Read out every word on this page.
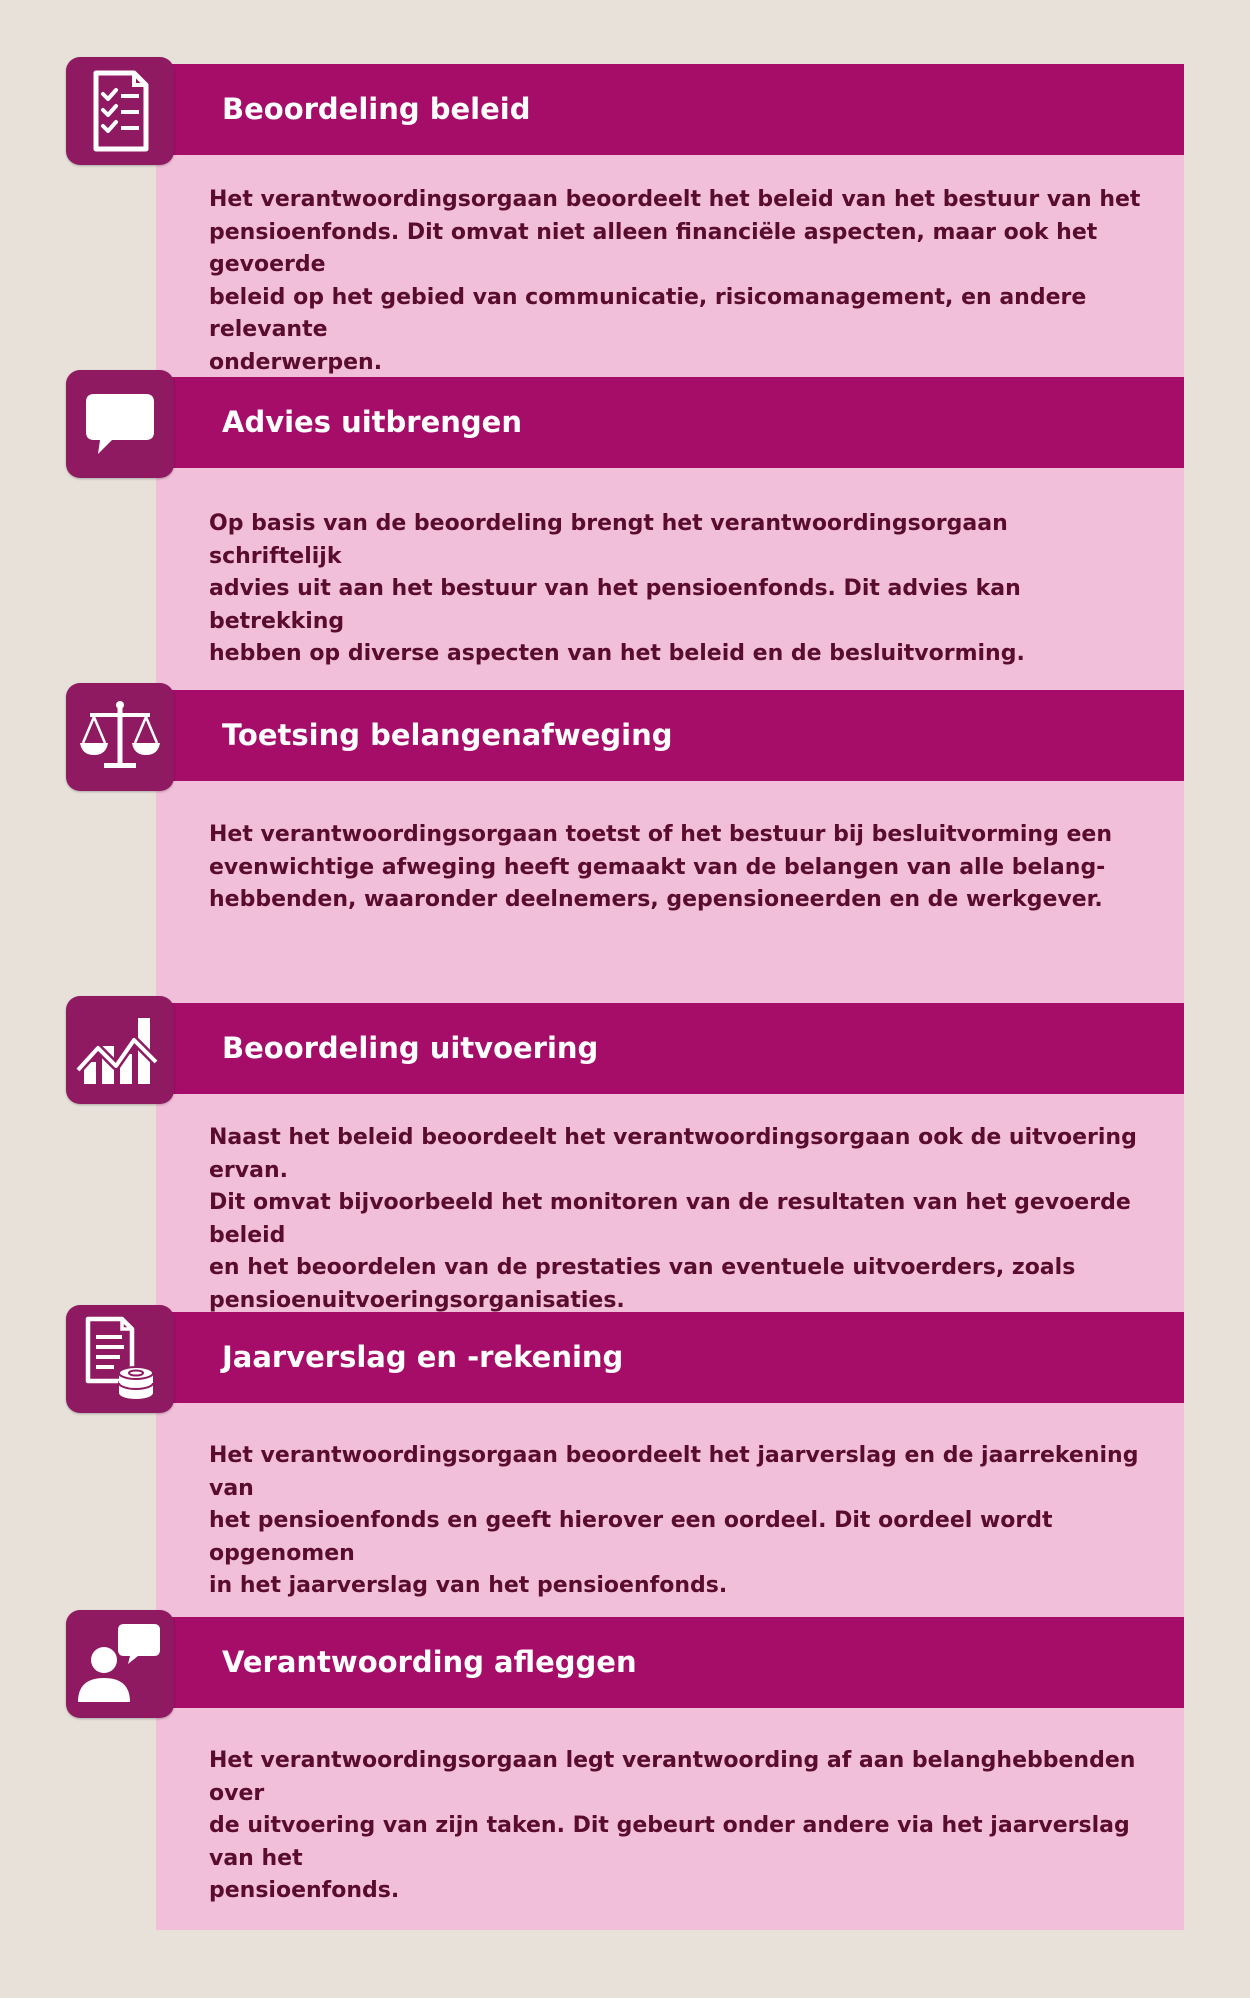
Beoordeling beleid
Het verantwoordingsorgaan beoordeelt het beleid van het bestuur van het
pensioenfonds. Dit omvat niet alleen financiële aspecten, maar ook het gevoerde
beleid op het gebied van communicatie, risicomanagement, en andere relevante
onderwerpen.
Advies uitbrengen
Op basis van de beoordeling brengt het verantwoordingsorgaan schriftelijk
advies uit aan het bestuur van het pensioenfonds. Dit advies kan betrekking
hebben op diverse aspecten van het beleid en de besluitvorming.
Toetsing belangenafweging
Het verantwoordingsorgaan toetst of het bestuur bij besluitvorming een
evenwichtige afweging heeft gemaakt van de belangen van alle belang-
hebbenden, waaronder deelnemers, gepensioneerden en de werkgever.
Beoordeling uitvoering
Naast het beleid beoordeelt het verantwoordingsorgaan ook de uitvoering ervan.
Dit omvat bijvoorbeeld het monitoren van de resultaten van het gevoerde beleid
en het beoordelen van de prestaties van eventuele uitvoerders, zoals
pensioenuitvoeringsorganisaties.
Jaarverslag en -rekening
Het verantwoordingsorgaan beoordeelt het jaarverslag en de jaarrekening van
het pensioenfonds en geeft hierover een oordeel. Dit oordeel wordt opgenomen
in het jaarverslag van het pensioenfonds.
Verantwoording afleggen
Het verantwoordingsorgaan legt verantwoording af aan belanghebbenden over
de uitvoering van zijn taken. Dit gebeurt onder andere via het jaarverslag van het
pensioenfonds.
